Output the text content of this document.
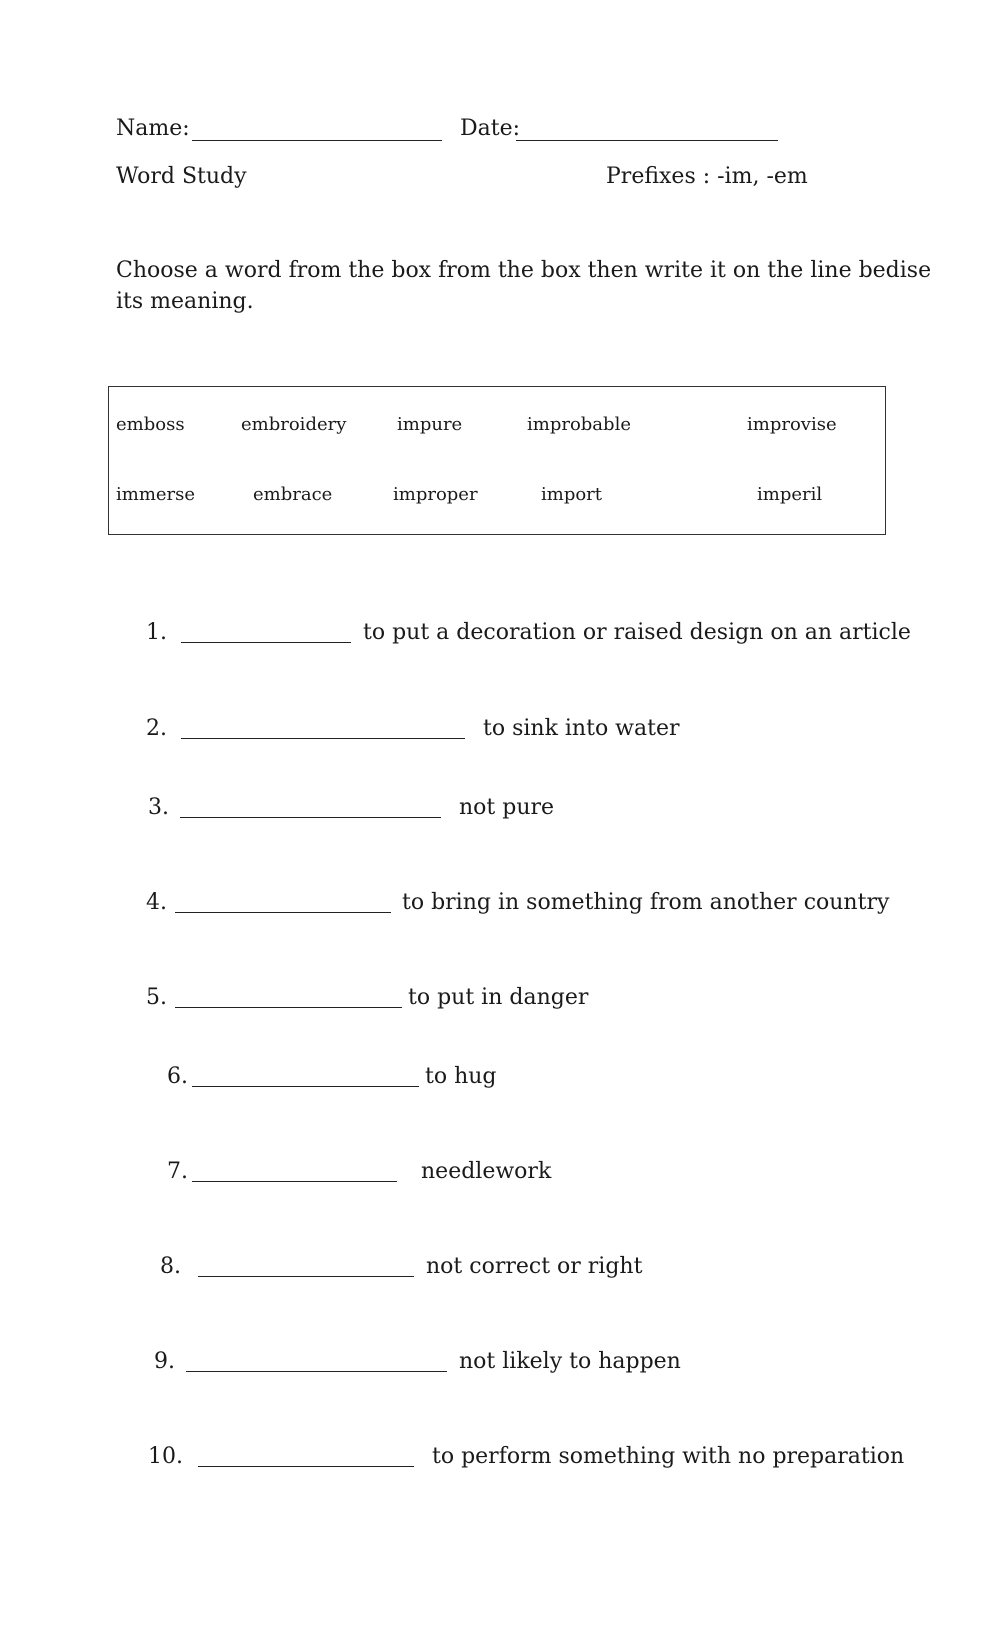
Name:	Date:
Word Study	Prefixes : -im, -em
Choose a word from the box from the box then write it on the line bedise
its meaning.
emboss	embroidery	impure	improbable	improvise
immerse	embrace	improper	import	imperil
1.	to put a decoration or raised design on an article
2.	to sink into water
3.	not pure
4.	to bring in something from another country
5.	to put in danger
6.	to hug
7.	needlework
8.	not correct or right
9.	not likely to happen
10.	to perform something with no preparation
